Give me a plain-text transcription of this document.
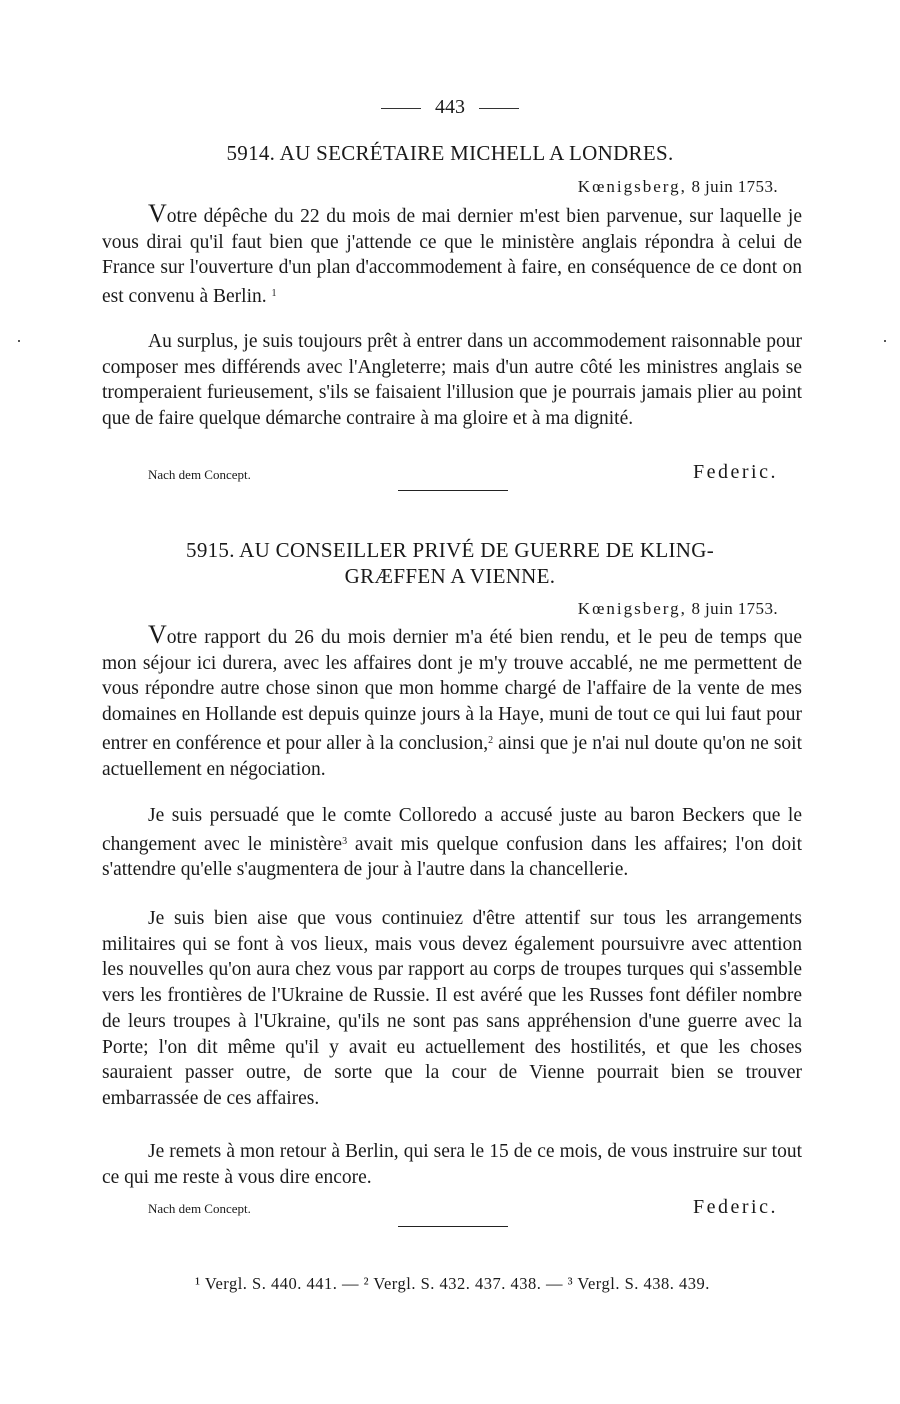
443
5914. AU SECRÉTAIRE MICHELL A LONDRES.
Kœnigsberg, 8 juin 1753.
Votre dépêche du 22 du mois de mai dernier m'est bien parvenue, sur laquelle je vous dirai qu'il faut bien que j'attende ce que le ministère anglais répondra à celui de France sur l'ouverture d'un plan d'accommodement à faire, en conséquence de ce dont on est convenu à Berlin. $^1$
Au surplus, je suis toujours prêt à entrer dans un accommodement raisonnable pour composer mes différends avec l'Angleterre; mais d'un autre côté les ministres anglais se tromperaient furieusement, s'ils se faisaient l'illusion que je pourrais jamais plier au point que de faire quelque démarche contraire à ma gloire et à ma dignité.
Nach dem Concept.	Federic.
5915. AU CONSEILLER PRIVÉ DE GUERRE DE KLING-
GRÆFFEN A VIENNE.
Kœnigsberg, 8 juin 1753.
Votre rapport du 26 du mois dernier m'a été bien rendu, et le peu de temps que mon séjour ici durera, avec les affaires dont je m'y trouve accablé, ne me permettent de vous répondre autre chose sinon que mon homme chargé de l'affaire de la vente de mes domaines en Hollande est depuis quinze jours à la Haye, muni de tout ce qui lui faut pour entrer en conférence et pour aller à la conclusion,$^2$ ainsi que je n'ai nul doute qu'on ne soit actuellement en négociation.
Je suis persuadé que le comte Colloredo a accusé juste au baron Beckers que le changement avec le ministère$^3$ avait mis quelque confusion dans les affaires; l'on doit s'attendre qu'elle s'augmentera de jour à l'autre dans la chancellerie.
Je suis bien aise que vous continuiez d'être attentif sur tous les arrangements militaires qui se font à vos lieux, mais vous devez également poursuivre avec attention les nouvelles qu'on aura chez vous par rapport au corps de troupes turques qui s'assemble vers les frontières de l'Ukraine de Russie. Il est avéré que les Russes font défiler nombre de leurs troupes à l'Ukraine, qu'ils ne sont pas sans appréhension d'une guerre avec la Porte; l'on dit même qu'il y avait eu actuellement des hostilités, et que les choses sauraient passer outre, de sorte que la cour de Vienne pourrait bien se trouver embarrassée de ces affaires.
Je remets à mon retour à Berlin, qui sera le 15 de ce mois, de vous instruire sur tout ce qui me reste à vous dire encore.
Nach dem Concept.	Federic.
¹ Vergl. S. 440. 441. — ² Vergl. S. 432. 437. 438. — ³ Vergl. S. 438. 439.
